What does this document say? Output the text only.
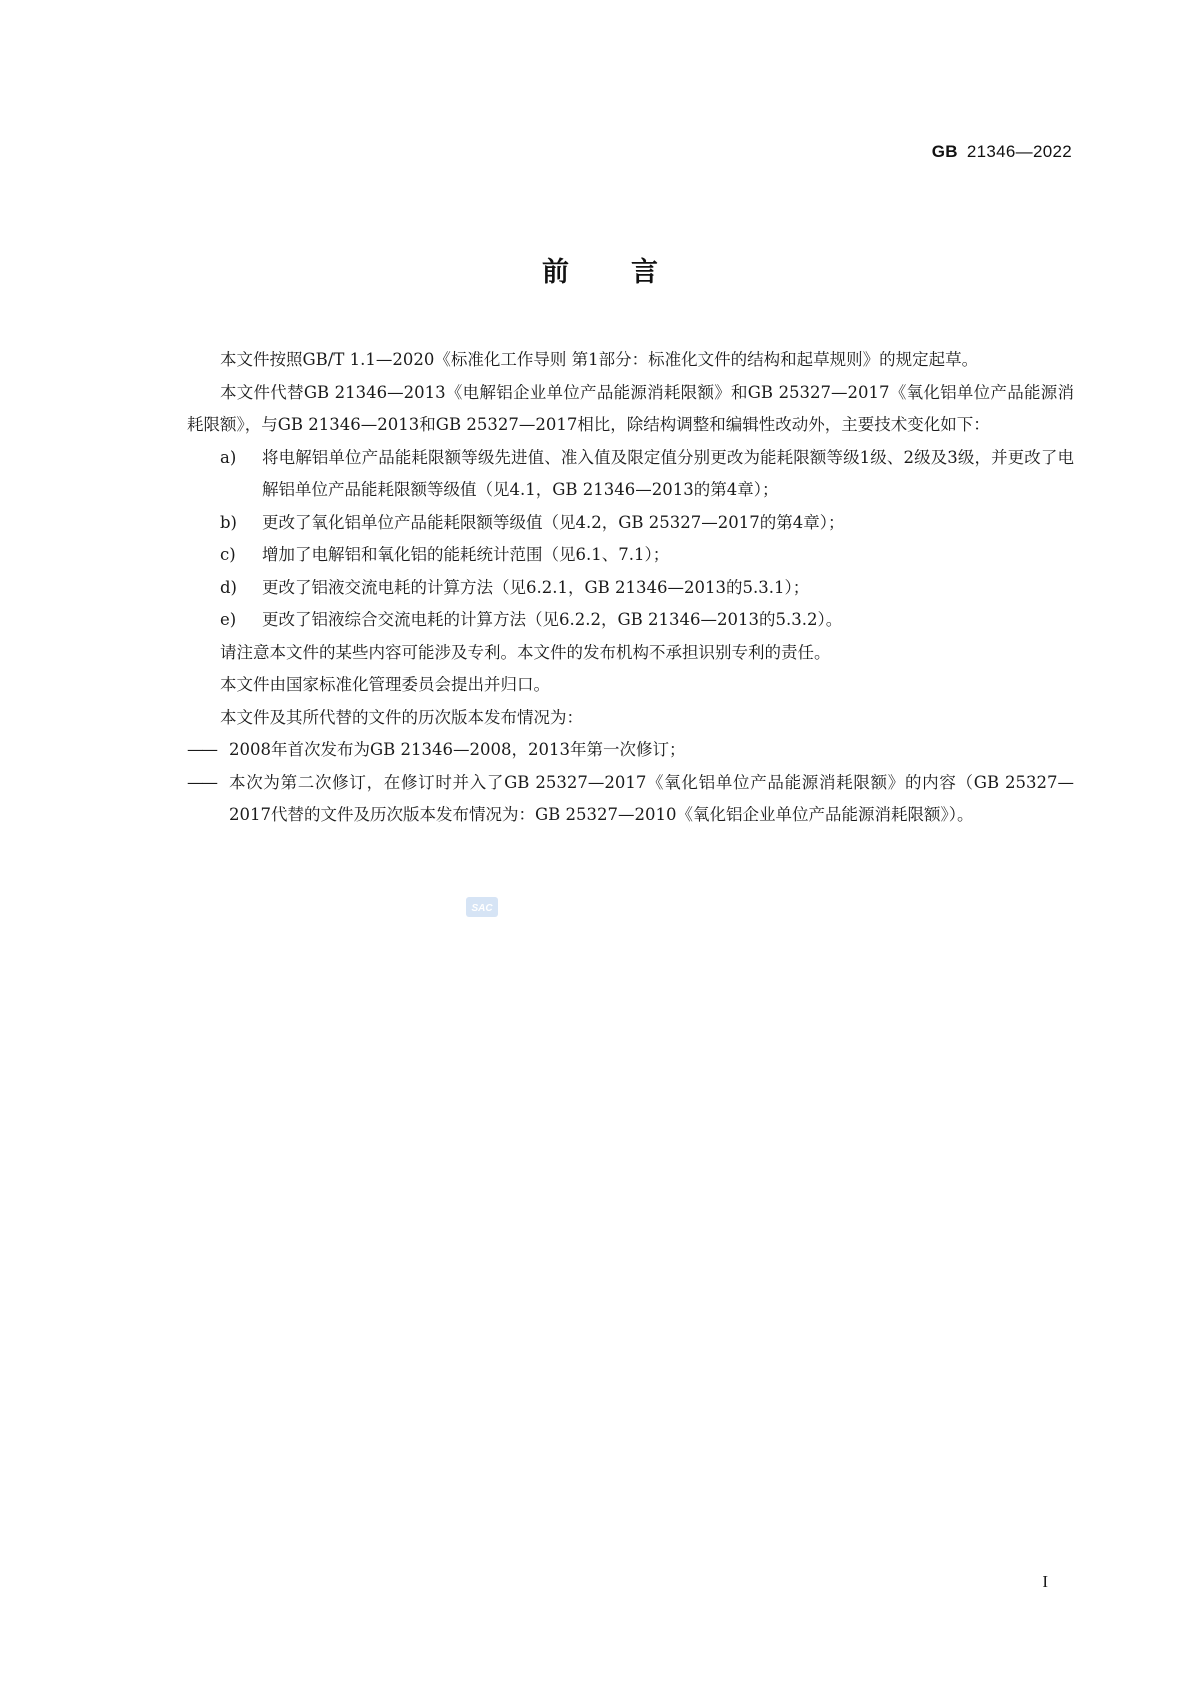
GB 21346—2022
前言

本文件按照GB/T 1.1—2020《标准化工作导则 第1部分：标准化文件的结构和起草规则》的规定起草。

本文件代替GB 21346—2013《电解铝企业单位产品能源消耗限额》和GB 25327—2017《氧化铝单位产品能源消耗限额》，与GB 21346—2013和GB 25327—2017相比，除结构调整和编辑性改动外，主要技术变化如下：

a)	将电解铝单位产品能耗限额等级先进值、准入值及限定值分别更改为能耗限额等级1级、2级及3级，并更改了电解铝单位产品能耗限额等级值（见4.1，GB 21346—2013的第4章）；
b)	更改了氧化铝单位产品能耗限额等级值（见4.2，GB 25327—2017的第4章）；
c)	增加了电解铝和氧化铝的能耗统计范围（见6.1、7.1）；
d)	更改了铝液交流电耗的计算方法（见6.2.1，GB 21346—2013的5.3.1）；
e)	更改了铝液综合交流电耗的计算方法（见6.2.2，GB 21346—2013的5.3.2）。

请注意本文件的某些内容可能涉及专利。本文件的发布机构不承担识别专利的责任。

本文件由国家标准化管理委员会提出并归口。

本文件及其所代替的文件的历次版本发布情况为：

—— 2008年首次发布为GB 21346—2008，2013年第一次修订；
—— 本次为第二次修订，在修订时并入了GB 25327—2017《氧化铝单位产品能源消耗限额》的内容（GB 25327—2017代替的文件及历次版本发布情况为：GB 25327—2010《氧化铝企业单位产品能源消耗限额》）。
SAC
I
